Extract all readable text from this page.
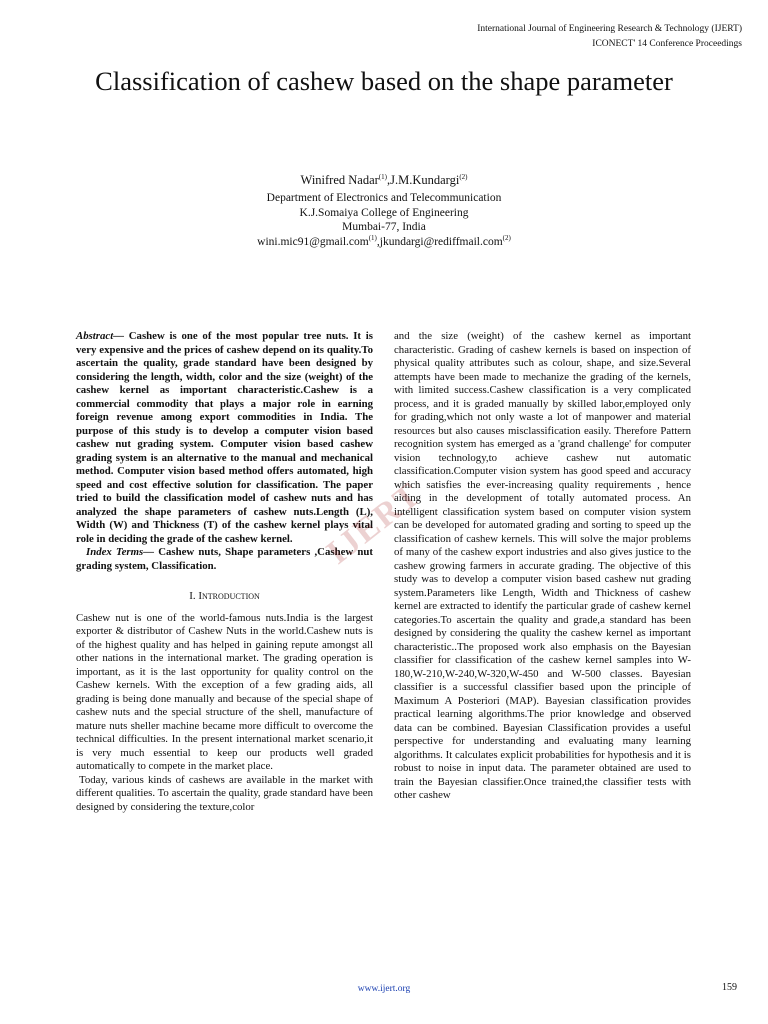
International Journal of Engineering Research & Technology (IJERT)
ICONECT' 14 Conference Proceedings
Classification of cashew based on the shape parameter
Winifred Nadar$^{(1)}$,J.M.Kundargi$^{(2)}$
Department of Electronics and Telecommunication
K.J.Somaiya College of Engineering
Mumbai-77, India
wini.mic91@gmail.com$^{(1)}$,jkundargi@rediffmail.com$^{(2)}$

Abstract— Cashew is one of the most popular tree nuts. It is very expensive and the prices of cashew depend on its quality.To ascertain the quality, grade standard have been designed by considering the length, width, color and the size (weight) of the cashew kernel as important characteristic.Cashew is a commercial commodity that plays a major role in earning foreign revenue among export commodities in India. The purpose of this study is to develop a computer vision based cashew nut grading system. Computer vision based cashew grading system is an alternative to the manual and mechanical method. Computer vision based method offers automated, high speed and cost effective solution for classification. The paper tried to build the classification model of cashew nuts and has analyzed the shape parameters of cashew nuts.Length (L), Width (W) and Thickness (T) of the cashew kernel plays vital role in deciding the grade of the cashew kernel.

Index Terms— Cashew nuts, Shape parameters ,Cashew nut grading system, Classification.

I. Introduction

Cashew nut is one of the world-famous nuts.India is the largest exporter & distributor of Cashew Nuts in the world.Cashew nuts is of the highest quality and has helped in gaining repute amongst all other nations in the international market. The grading operation is important, as it is the last opportunity for quality control on the Cashew kernels. With the exception of a few grading aids, all grading is being done manually and because of the special shape of cashew nuts and the special structure of the shell, manufacture of mature nuts sheller machine became more difficult to overcome the technical difficulties. In the present international market scenario,it is very much essential to keep our products well graded automatically to compete in the market place.

Today, various kinds of cashews are available in the market with different qualities. To ascertain the quality, grade standard have been designed by considering the texture,color

and the size (weight) of the cashew kernel as important characteristic. Grading of cashew kernels is based on inspection of physical quality attributes such as colour, shape, and size.Several attempts have been made to mechanize the grading of the kernels, with limited success.Cashew classification is a very complicated process, and it is graded manually by skilled labor,employed only for grading,which not only waste a lot of manpower and material resources but also causes misclassification easily. Therefore Pattern recognition system has emerged as a 'grand challenge' for computer vision technology,to achieve cashew nut automatic classification.Computer vision system has good speed and accuracy which satisfies the ever-increasing quality requirements , hence aiding in the development of totally automated process. An intelligent classification system based on computer vision system can be developed for automated grading and sorting to speed up the classification of cashew kernels. This will solve the major problems of many of the cashew export industries and also gives justice to the cashew growing farmers in accurate grading. The objective of this study was to develop a computer vision based cashew nut grading system.Parameters like Length, Width and Thickness of cashew kernel are extracted to identify the particular grade of cashew kernel categories.To ascertain the quality and grade,a standard has been designed by considering the quality the cashew kernel as important characteristic..The proposed work also emphasis on the Bayesian classifier for classification of the cashew kernel samples into W-180,W-210,W-240,W-320,W-450 and W-500 classes. Bayesian classifier is a successful classifier based upon the principle of Maximum A Posteriori (MAP). Bayesian classification provides practical learning algorithms.The prior knowledge and observed data can be combined. Bayesian Classification provides a useful perspective for understanding and evaluating many learning algorithms. It calculates explicit probabilities for hypothesis and it is robust to noise in input data. The parameter obtained are used to train the Bayesian classifier.Once trained,the classifier tests with other cashew

IJERT
www.ijert.org	159
